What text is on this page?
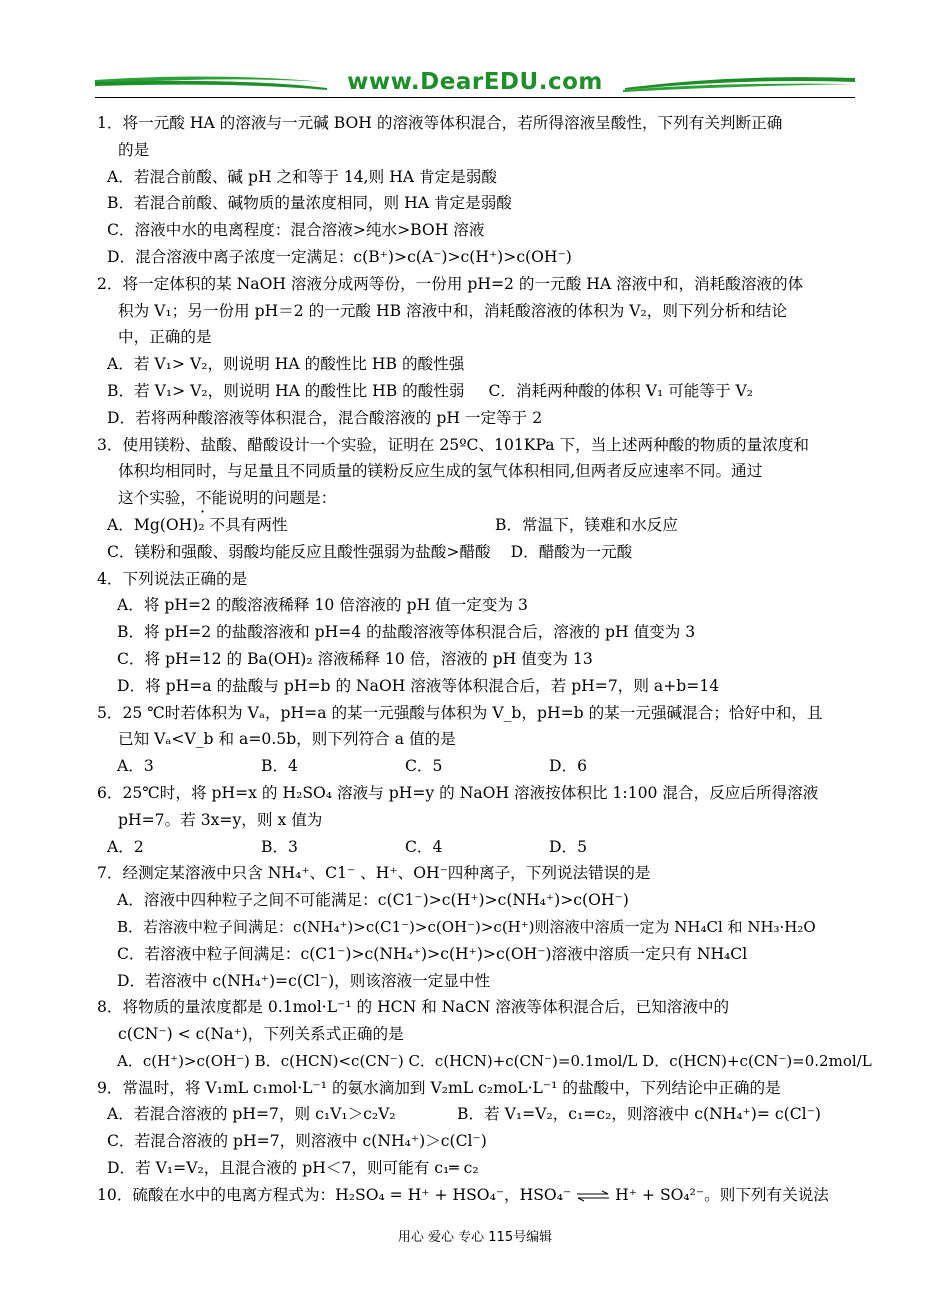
www.DearEDU.com
1．将一元酸 HA 的溶液与一元碱 BOH 的溶液等体积混合，若所得溶液呈酸性，下列有关判断正确
的是
A．若混合前酸、碱 pH 之和等于 14,则 HA 肯定是弱酸
B．若混合前酸、碱物质的量浓度相同，则 HA 肯定是弱酸
C．溶液中水的电离程度：混合溶液>纯水>BOH 溶液
D．混合溶液中离子浓度一定满足：c(B⁺)>c(A⁻)>c(H⁺)>c(OH⁻)
2．将一定体积的某 NaOH 溶液分成两等份，一份用 pH=2 的一元酸 HA 溶液中和，消耗酸溶液的体
积为 V₁；另一份用 pH＝2 的一元酸 HB 溶液中和，消耗酸溶液的体积为 V₂，则下列分析和结论
中，正确的是
A．若 V₁> V₂，则说明 HA 的酸性比 HB 的酸性强
B．若 V₁> V₂，则说明 HA 的酸性比 HB 的酸性弱 C．消耗两种酸的体积 V₁ 可能等于 V₂
D．若将两种酸溶液等体积混合，混合酸溶液的 pH 一定等于 2
3．使用镁粉、盐酸、醋酸设计一个实验，证明在 25ºC、101KPa 下，当上述两种酸的物质的量浓度和
体积均相同时，与足量且不同质量的镁粉反应生成的氢气体积相同,但两者反应速率不同。通过
这个实验，不能说明的问题是：
A．Mg(OH)₂ 不具有两性	B．常温下，镁难和水反应
C．镁粉和强酸、弱酸均能反应且酸性强弱为盐酸>醋酸 D．醋酸为一元酸
4．下列说法正确的是
A．将 pH=2 的酸溶液稀释 10 倍溶液的 pH 值一定变为 3
B．将 pH=2 的盐酸溶液和 pH=4 的盐酸溶液等体积混合后，溶液的 pH 值变为 3
C．将 pH=12 的 Ba(OH)₂ 溶液稀释 10 倍，溶液的 pH 值变为 13
D．将 pH=a 的盐酸与 pH=b 的 NaOH 溶液等体积混合后，若 pH=7，则 a+b=14
5．25 ℃时若体积为 Vₐ，pH=a 的某一元强酸与体积为 V_b，pH=b 的某一元强碱混合；恰好中和，且
已知 Vₐ<V_b 和 a=0.5b，则下列符合 a 值的是
A．3	B．4	C．5	D．6
6．25℃时，将 pH=x 的 H₂SO₄ 溶液与 pH=y 的 NaOH 溶液按体积比 1:100 混合，反应后所得溶液
pH=7。若 3x=y，则 x 值为
A．2	B．3	C．4	D．5
7．经测定某溶液中只含 NH₄⁺、C1⁻ 、H⁺、OH⁻四种离子，下列说法错误的是
A．溶液中四种粒子之间不可能满足：c(C1⁻)>c(H⁺)>c(NH₄⁺)>c(OH⁻)
B．若溶液中粒子间满足：c(NH₄⁺)>c(C1⁻)>c(OH⁻)>c(H⁺)则溶液中溶质一定为 NH₄Cl 和 NH₃·H₂O
C．若溶液中粒子间满足：c(C1⁻)>c(NH₄⁺)>c(H⁺)>c(OH⁻)溶液中溶质一定只有 NH₄Cl
D．若溶液中 c(NH₄⁺)=c(Cl⁻)，则该溶液一定显中性
8．将物质的量浓度都是 0.1mol·L⁻¹ 的 HCN 和 NaCN 溶液等体积混合后，已知溶液中的
c(CN⁻) < c(Na⁺)，下列关系式正确的是
A．c(H⁺)>c(OH⁻) B．c(HCN)<c(CN⁻) C．c(HCN)+c(CN⁻)=0.1mol/L D．c(HCN)+c(CN⁻)=0.2mol/L
9．常温时，将 V₁mL c₁mol·L⁻¹ 的氨水滴加到 V₂mL c₂moL·L⁻¹ 的盐酸中，下列结论中正确的是
A．若混合溶液的 pH=7，则 c₁V₁＞c₂V₂	B．若 V₁=V₂，c₁=c₂，则溶液中 c(NH₄⁺)= c(Cl⁻)
C．若混合溶液的 pH=7，则溶液中 c(NH₄⁺)＞c(Cl⁻)
D．若 V₁=V₂，且混合液的 pH＜7，则可能有 c₁═ c₂
10．硫酸在水中的电离方程式为：H₂SO₄ = H⁺ + HSO₄⁻，HSO₄⁻ ⇌ H⁺ + SO₄²⁻。则下列有关说法
用心 爱心 专心 115号编辑
